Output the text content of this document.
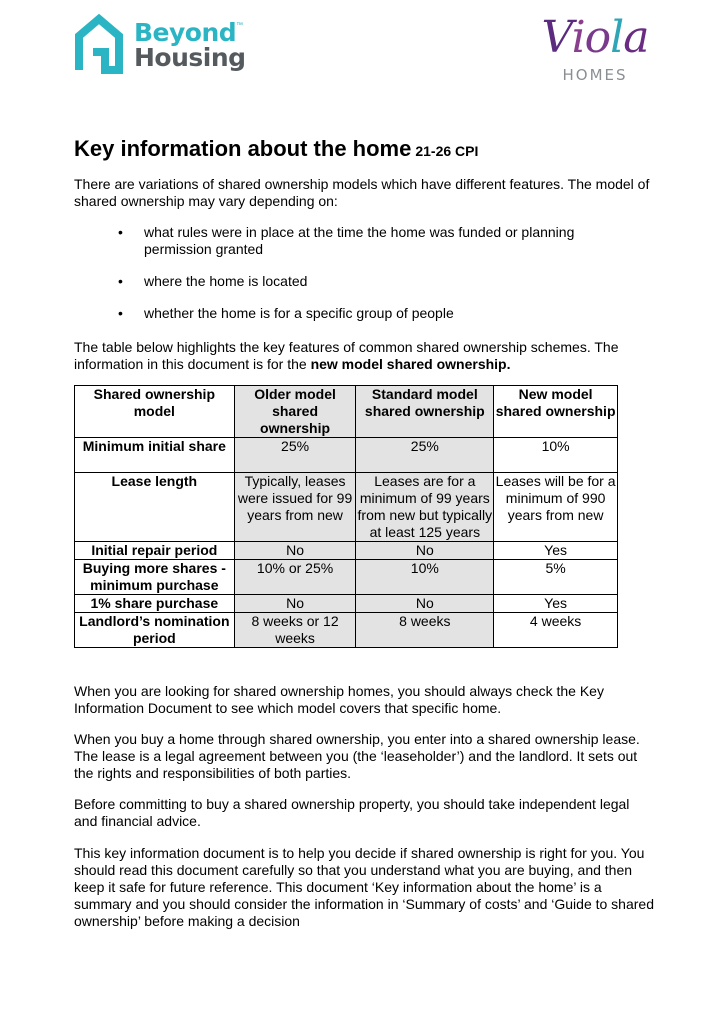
Beyond
Housing
™	Viola
HOMES
Key information about the home 21-26 CPI

There are variations of shared ownership models which have different features. The model of shared ownership may vary depending on:

• what rules were in place at the time the home was funded or planning permission granted
• where the home is located
• whether the home is for a specific group of people

The table below highlights the key features of common shared ownership schemes. The information in this document is for the new model shared ownership.

Shared ownership model	Older model shared ownership	Standard model shared ownership	New model shared ownership
Minimum initial share	25%	25%	10%
Lease length	Typically, leases were issued for 99 years from new	Leases are for a minimum of 99 years from new but typically at least 125 years	Leases will be for a minimum of 990 years from new
Initial repair period	No	No	Yes
Buying more shares - minimum purchase	10% or 25%	10%	5%
1% share purchase	No	No	Yes
Landlord’s nomination period	8 weeks or 12 weeks	8 weeks	4 weeks

When you are looking for shared ownership homes, you should always check the Key Information Document to see which model covers that specific home.

When you buy a home through shared ownership, you enter into a shared ownership lease. The lease is a legal agreement between you (the ‘leaseholder’) and the landlord. It sets out the rights and responsibilities of both parties.

Before committing to buy a shared ownership property, you should take independent legal and financial advice.

This key information document is to help you decide if shared ownership is right for you. You should read this document carefully so that you understand what you are buying, and then keep it safe for future reference. This document ‘Key information about the home’ is a summary and you should consider the information in ‘Summary of costs’ and ‘Guide to shared ownership’ before making a decision
